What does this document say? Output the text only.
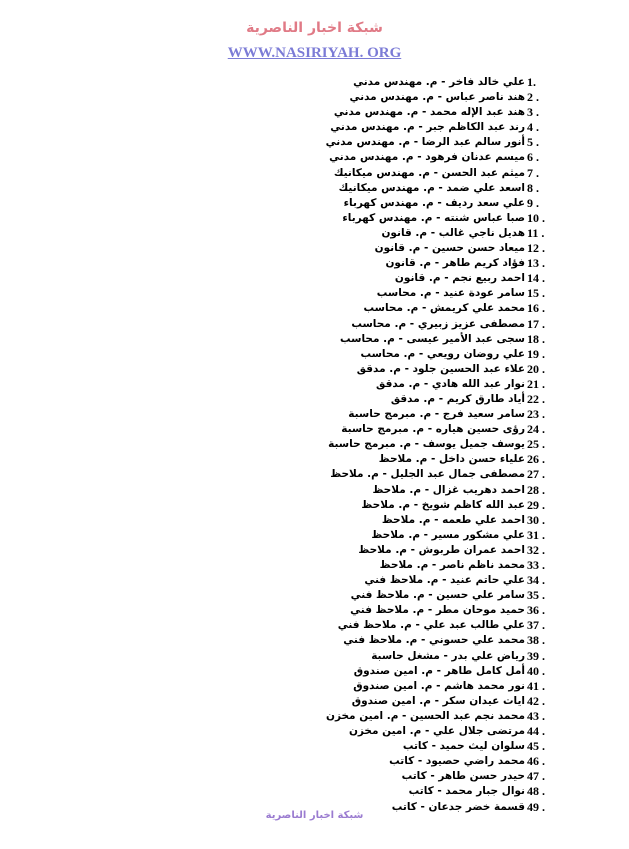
شبكة اخبار الناصرية
WWW.NASIRIYAH. ORG
علي خالد فاخر - م. مهندس مدني 1.
هند ناصر عباس - م. مهندس مدني 2 .
هند عبد الإله محمد - م. مهندس مدني 3 .
رند عبد الكاظم جبر - م. مهندس مدني 4 .
أنور سالم عبد الرضا - م. مهندس مدني 5 .
ميسم عدنان فرهود - م. مهندس مدني 6 .
ميثم عبد الحسن - م. مهندس ميكانيك 7 .
اسعد علي ضمد - م. مهندس ميكانيك 8 .
علي سعد رديف - م. مهندس كهرباء 9 .
صبا عباس شنته - م. مهندس كهرباء 10 .
هديل ناجي غالب - م. قانون 11 .
ميعاد حسن حسين - م. قانون 12 .
فؤاد كريم طاهر - م. قانون 13 .
احمد ربيع نجم - م. قانون 14 .
سامر عودة عنيد - م. محاسب 15 .
محمد علي كريمش - م. محاسب 16 .
مصطفى عزيز زبيري - م. محاسب 17 .
سجى عبد الأمير عيسى - م. محاسب 18 .
علي روضان رويعي - م. محاسب 19 .
علاء عبد الحسين جلود - م. مدقق 20 .
نوار عبد الله هادي - م. مدقق 21 .
أياد طارق كريم - م. مدقق 22 .
سامر سعيد فرج - م. مبرمج حاسبة 23 .
رؤى حسين هياره - م. مبرمج حاسبة 24 .
يوسف جميل يوسف - م. مبرمج حاسبة 25 .
علياء حسن داخل - م. ملاحظ 26 .
مصطفى جمال عبد الجليل - م. ملاحظ 27 .
احمد دهريب غزال - م. ملاحظ 28 .
عبد الله كاظم شويخ - م. ملاحظ 29 .
احمد علي طعمه - م. ملاحظ 30 .
علي مشكور مسير - م. ملاحظ 31 .
احمد عمران طربوش - م. ملاحظ 32 .
محمد ناظم ناصر - م. ملاحظ 33 .
علي حاتم عنيد - م. ملاحظ فني 34 .
سامر علي حسين - م. ملاحظ فني 35 .
حميد موحان مطر - م. ملاحظ فني 36 .
علي طالب عبد علي - م. ملاحظ فني 37 .
محمد علي حسوني - م. ملاحظ فني 38 .
رياض علي بدر - مشغل حاسبة 39 .
أمل كامل طاهر - م. امين صندوق 40 .
نور محمد هاشم - م. امين صندوق 41 .
ايات عيدان سكر - م. امين صندوق 42 .
محمد نجم عبد الحسين - م. امين مخزن 43 .
مرتضى جلال علي - م. امين مخزن 44 .
سلوان ليث حميد - كاتب 45 .
محمد راضي حصيود - كاتب 46 .
حيدر حسن طاهر - كاتب 47 .
نوال جبار محمد - كاتب 48 .
قسمة خضر جدعان - كاتب 49 .
شبكة اخبار الناصرية
